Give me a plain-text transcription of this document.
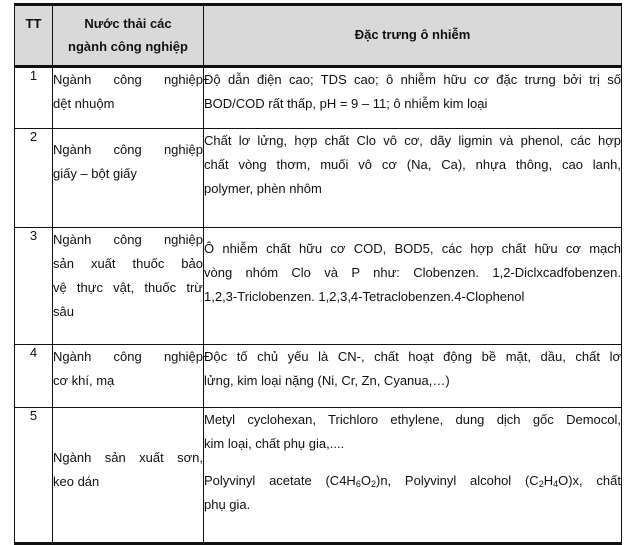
TT	Nước thải các
ngành công nghiệp	Đặc trưng ô nhiễm
1	Ngành công nghiệp
dệt nhuộm	Độ dẫn điện cao; TDS cao; ô nhiễm hữu cơ đặc trưng bởi trị số
BOD/COD rất thấp, pH = 9 – 11; ô nhiễm kim loại

2	Ngành công nghiệp
giấy – bột giấy	Chất lơ lửng, hợp chất Clo vô cơ, dãy ligmin và phenol, các hợp
chất vòng thơm, muối vô cơ (Na, Ca), nhựa thông, cao lanh,
polymer, phèn nhôm

3	Ngành công nghiệp
sản xuất thuốc bảo
vệ thực vật, thuốc trừ
sâu	Ô nhiễm chất hữu cơ COD, BOD5, các hợp chất hữu cơ mạch
vòng nhóm Clo và P như: Clobenzen. 1,2-Diclxcadfobenzen.
1,2,3-Triclobenzen. 1,2,3,4-Tetraclobenzen.4-Clophenol

4	Ngành công nghiệp
cơ khí, mạ	Độc tố chủ yếu là CN-, chất hoạt động bề mặt, dầu, chất lơ
lửng, kim loại nặng (Ni, Cr, Zn, Cyanua,…)

5	Ngành sản xuất sơn,
keo dán	Metyl cyclohexan, Trichloro ethylene, dung dịch gốc Democol,
kim loại, chất phụ gia,....
Polyvinyl acetate $(C4H_6O_2)n$, Polyvinyl alcohol $(C_2H_4O)x$, chất
phụ gia.
